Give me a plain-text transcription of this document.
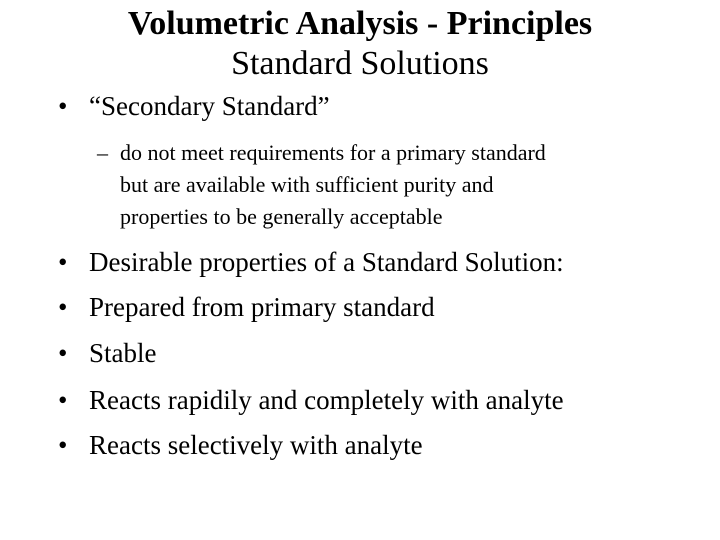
Volumetric Analysis - Principles
Standard Solutions
• “Secondary Standard”
– do not meet requirements for a primary standard
but are available with sufficient purity and
properties to be generally acceptable
• Desirable properties of a Standard Solution:
• Prepared from primary standard
• Stable
• Reacts rapidily and completely with analyte
• Reacts selectively with analyte
